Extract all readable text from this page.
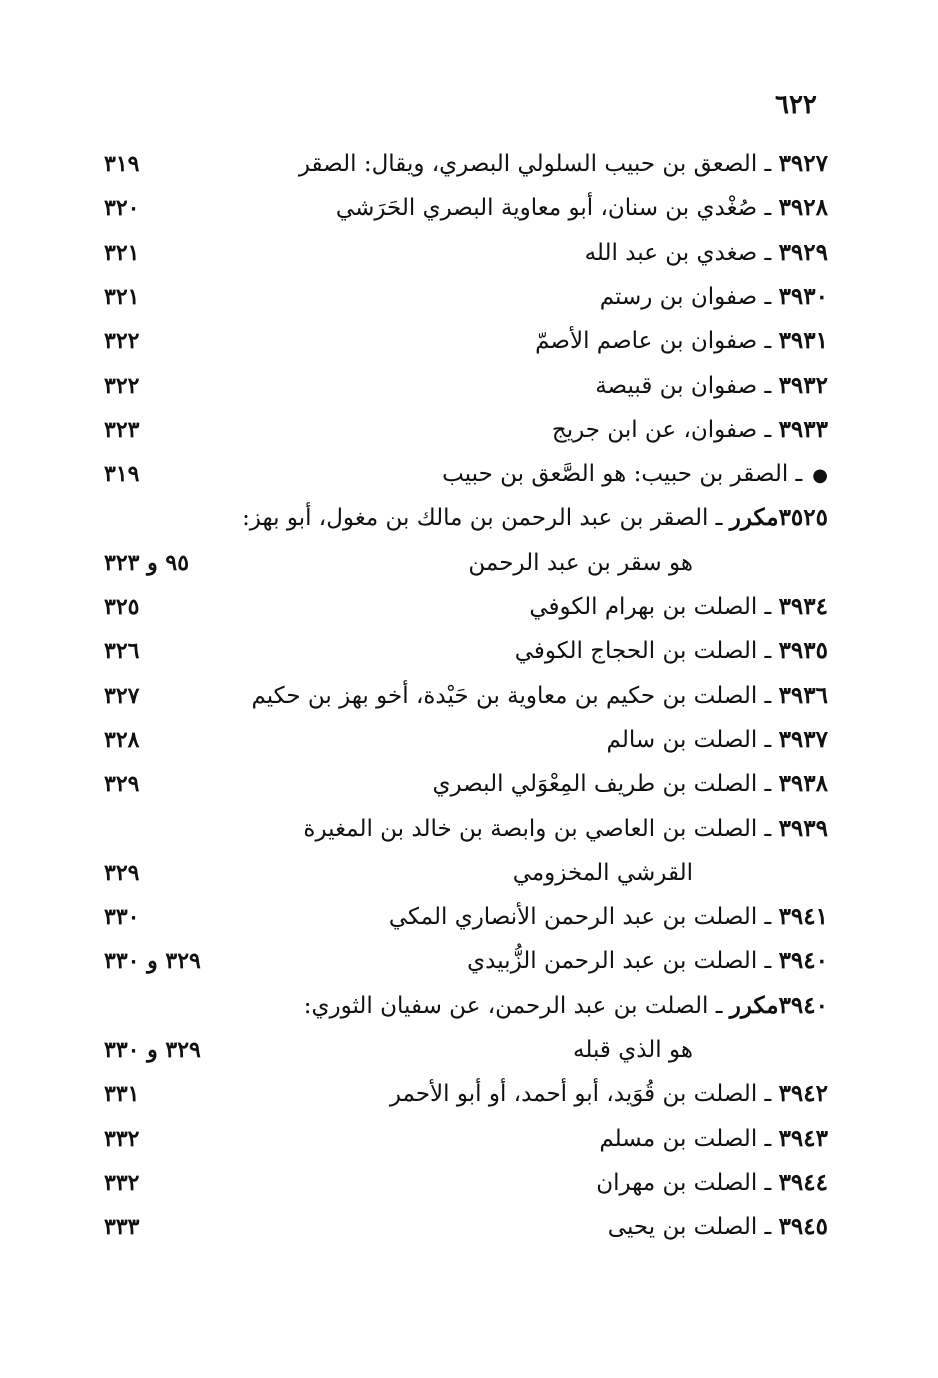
٦٢٢
٣٩٢٧ ـ الصعق بن حبيب السلولي البصري، ويقال: الصقر
٣١٩
٣٩٢٨ ـ صُغْدي بن سنان، أبو معاوية البصري الحَرَشي
٣٢٠
٣٩٢٩ ـ صغدي بن عبد الله
٣٢١
٣٩٣٠ ـ صفوان بن رستم
٣٢١
٣٩٣١ ـ صفوان بن عاصم الأصمّ
٣٢٢
٣٩٣٢ ـ صفوان بن قبيصة
٣٢٢
٣٩٣٣ ـ صفوان، عن ابن جريج
٣٢٣
●ـ الصقر بن حبيب: هو الصَّعق بن حبيب
٣١٩
٣٥٢٥مكرر ـ الصقر بن عبد الرحمن بن مالك بن مغول، أبو بهز:
هو سقر بن عبد الرحمن
٩٥ و ٣٢٣
٣٩٣٤ ـ الصلت بن بهرام الكوفي
٣٢٥
٣٩٣٥ ـ الصلت بن الحجاج الكوفي
٣٢٦
٣٩٣٦ ـ الصلت بن حكيم بن معاوية بن حَيْدة، أخو بهز بن حكيم
٣٢٧
٣٩٣٧ ـ الصلت بن سالم
٣٢٨
٣٩٣٨ ـ الصلت بن طريف المِعْوَلي البصري
٣٢٩
٣٩٣٩ ـ الصلت بن العاصي بن وابصة بن خالد بن المغيرة
القرشي المخزومي
٣٢٩
٣٩٤١ ـ الصلت بن عبد الرحمن الأنصاري المكي
٣٣٠
٣٩٤٠ ـ الصلت بن عبد الرحمن الزُّبيدي
٣٢٩ و ٣٣٠
٣٩٤٠مكرر ـ الصلت بن عبد الرحمن، عن سفيان الثوري:
هو الذي قبله
٣٢٩ و ٣٣٠
٣٩٤٢ ـ الصلت بن قُوَيد، أبو أحمد، أو أبو الأحمر
٣٣١
٣٩٤٣ ـ الصلت بن مسلم
٣٣٢
٣٩٤٤ ـ الصلت بن مهران
٣٣٢
٣٩٤٥ ـ الصلت بن يحيى
٣٣٣
